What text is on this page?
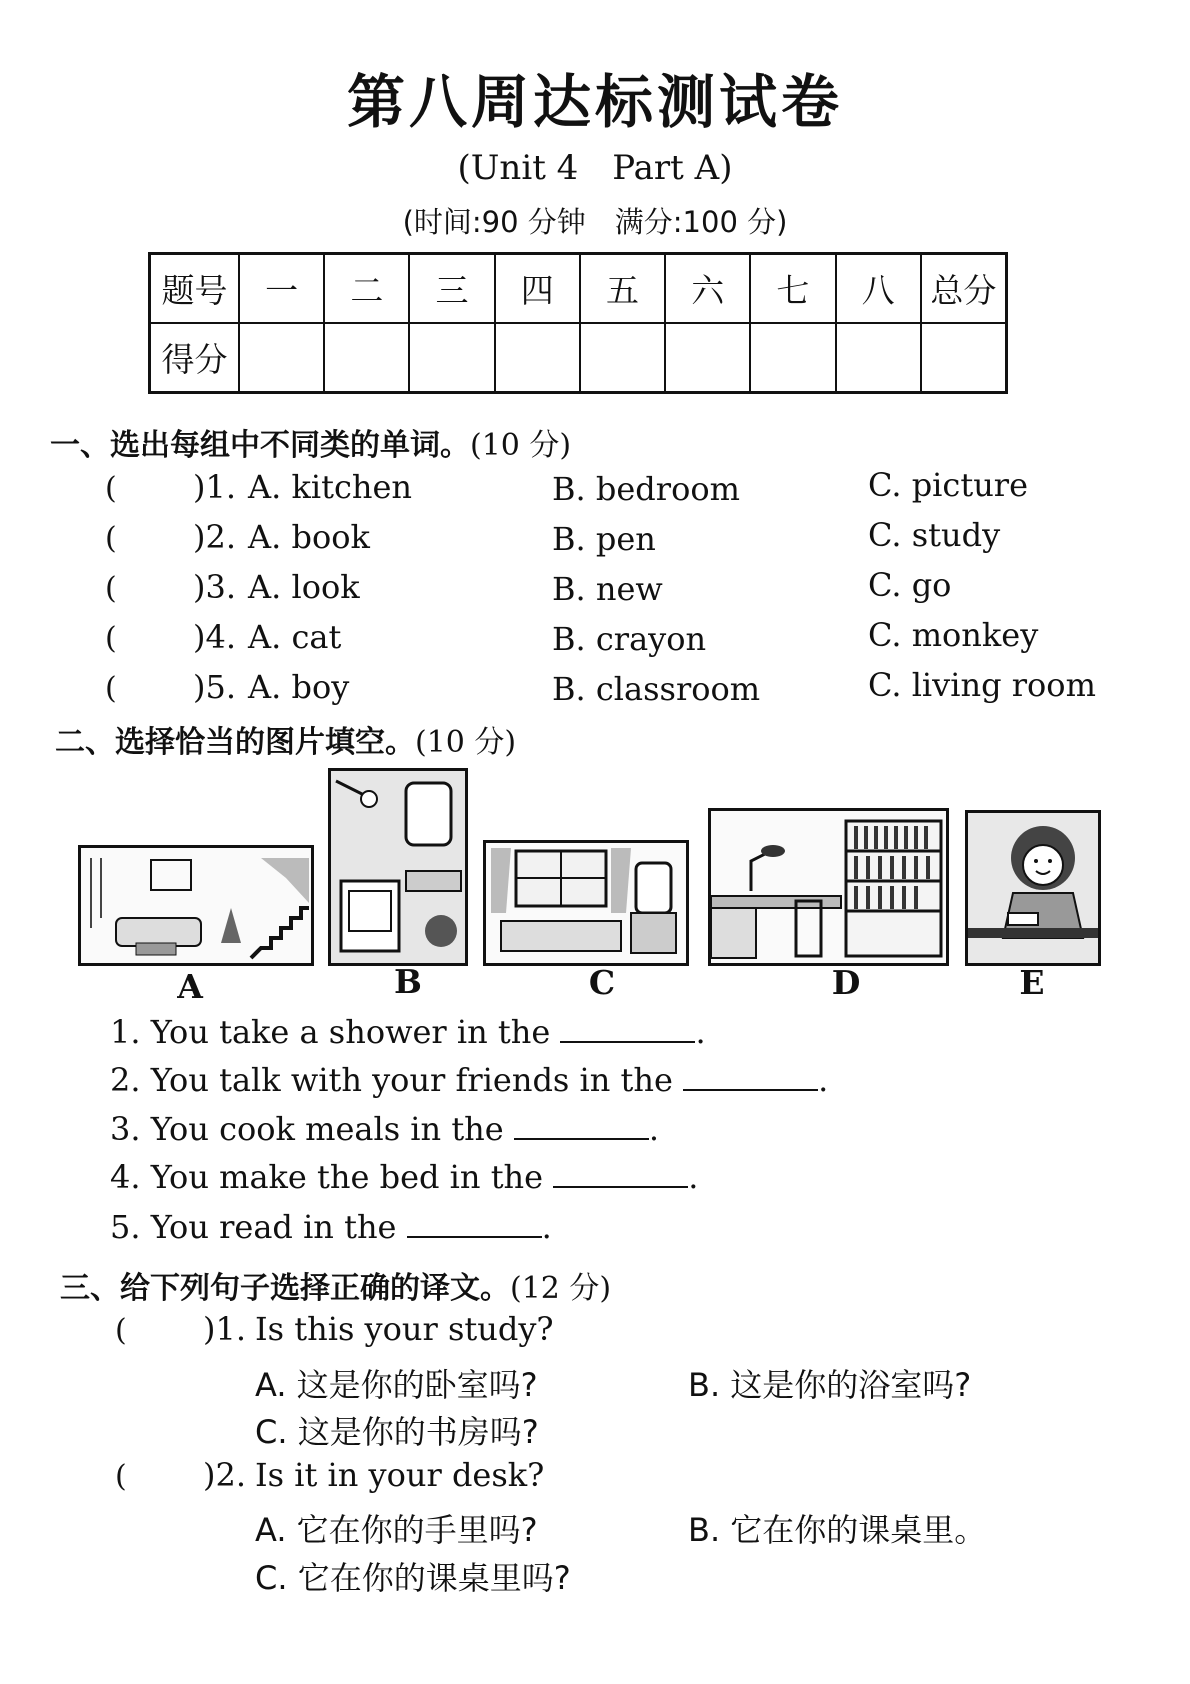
第八周达标测试卷
(Unit 4　Part A)
(时间:90 分钟　满分:100 分)
题号	一	二	三	四	五	六	七	八	总分
得分									
一、选出每组中不同类的单词。(10 分)
( )1. A. kitchen	B. bedroom	C. picture
( )2. A. book	B. pen	C. study
( )3. A. look	B. new	C. go
( )4. A. cat	B. crayon	C. monkey
( )5. A. boy	B. classroom	C. living room
二、选择恰当的图片填空。(10 分)
A	B	C	D	E
1. You take a shower in the	.
2. You talk with your friends in the	.
3. You cook meals in the	.
4. You make the bed in the	.
5. You read in the	.
三、给下列句子选择正确的译文。(12 分)
( )1. Is this your study?
A. 这是你的卧室吗?	B. 这是你的浴室吗?
C. 这是你的书房吗?
( )2. Is it in your desk?
A. 它在你的手里吗?	B. 它在你的课桌里。
C. 它在你的课桌里吗?
